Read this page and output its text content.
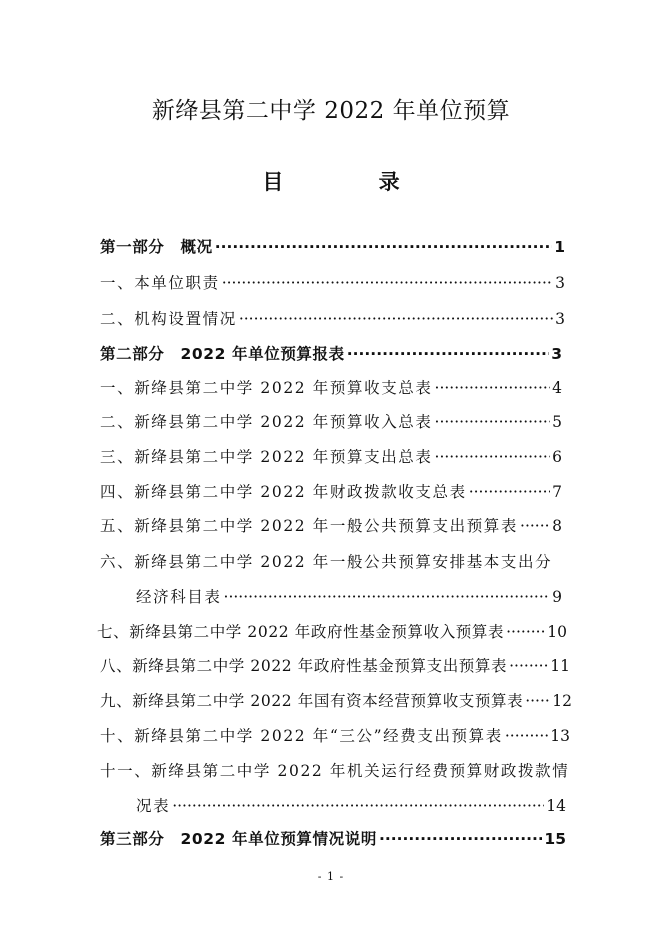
新绛县第二中学 2022 年单位预算
目 录
第一部分　概况 ·····	1
一、本单位职责 ·····	3
二、机构设置情况 ·····	3
第二部分　2022 年单位预算报表 ·····	3
一、新绛县第二中学 2022 年预算收支总表 ·····	4
二、新绛县第二中学 2022 年预算收入总表 ·····	5
三、新绛县第二中学 2022 年预算支出总表 ·····	6
四、新绛县第二中学 2022 年财政拨款收支总表 ·····	7
五、新绛县第二中学 2022 年一般公共预算支出预算表 ····· 8
六、新绛县第二中学 2022 年一般公共预算安排基本支出分
经济科目表 ·····	9
七、新绛县第二中学 2022 年政府性基金预算收入预算表 ·····	10
八、新绛县第二中学 2022 年政府性基金预算支出预算表 ·····	11
九、新绛县第二中学 2022 年国有资本经营预算收支预算表 ····· 12
十、新绛县第二中学 2022 年“三公”经费支出预算表 ·····	13
十一、新绛县第二中学 2022 年机关运行经费预算财政拨款情
况表 ·····	14
第三部分　2022 年单位预算情况说明 ·····	15
- 1 -
